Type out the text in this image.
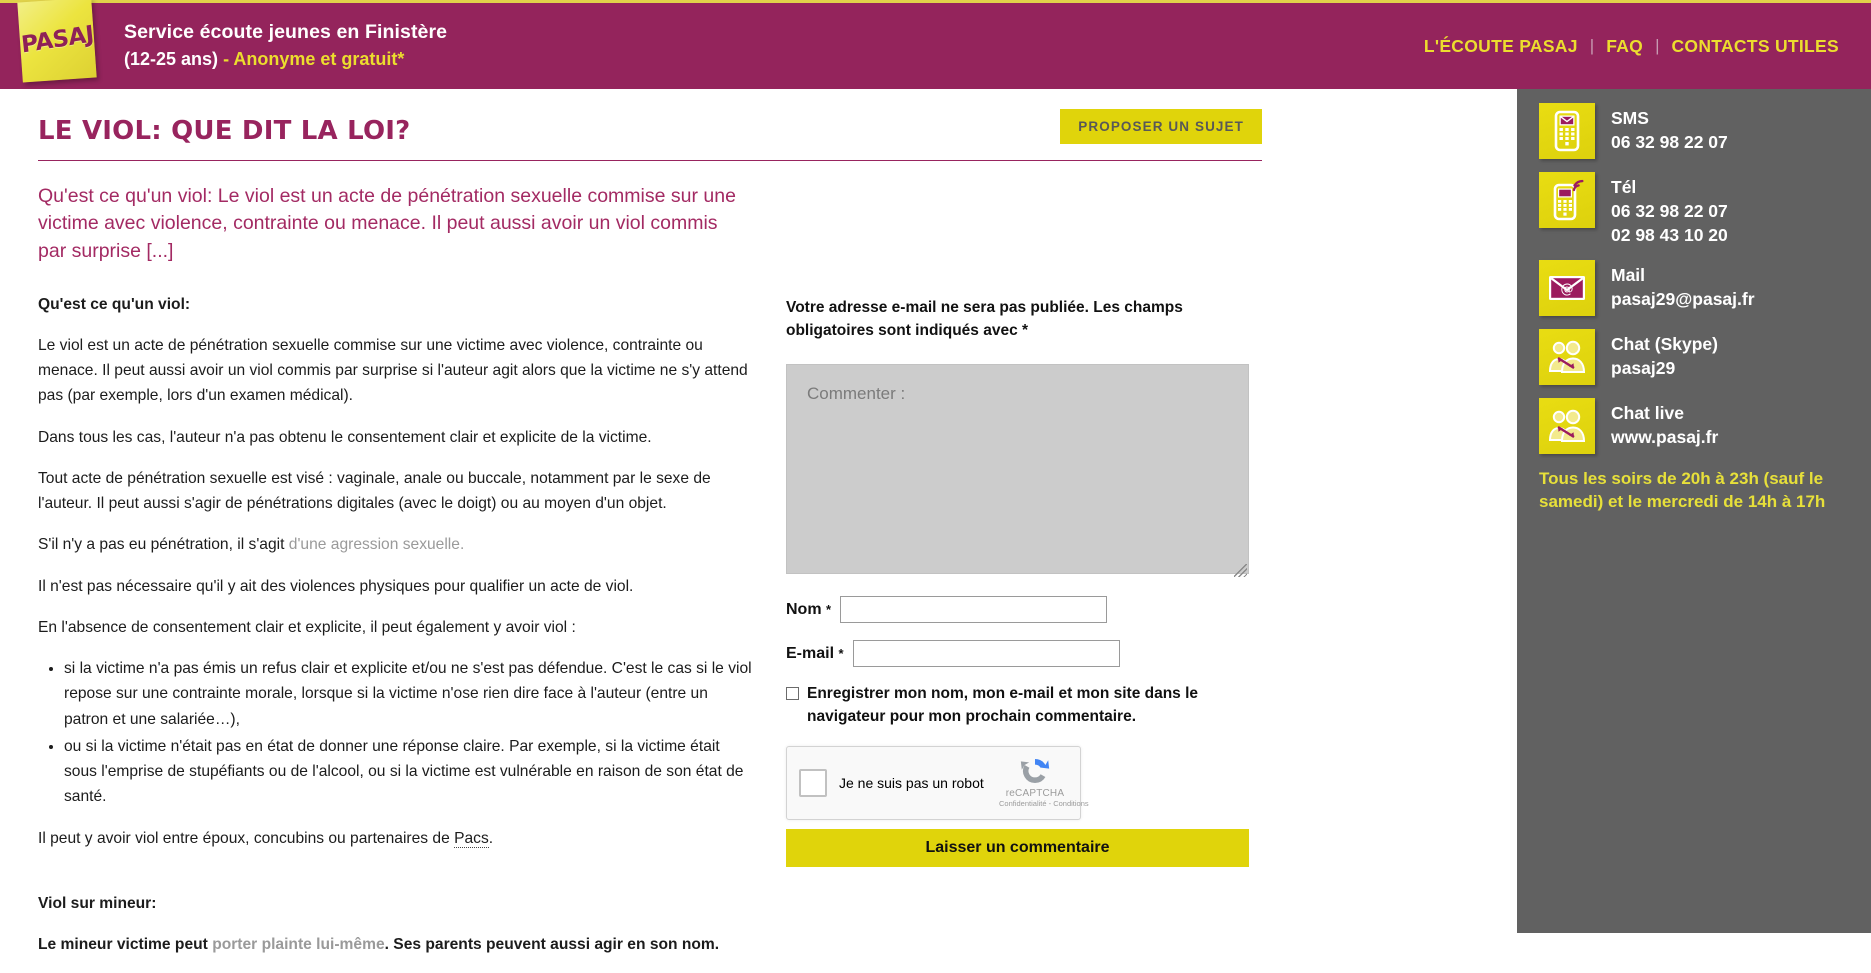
PASAJ Service écoute jeunes en Finistère
(12-25 ans) - Anonyme et gratuit*
L'ÉCOUTE PASAJ | FAQ | CONTACTS UTILES
LE VIOL: QUE DIT LA LOI?	PROPOSER UN SUJET

Qu'est ce qu'un viol: Le viol est un acte de pénétration sexuelle commise sur une victime avec violence, contrainte ou menace. Il peut aussi avoir un viol commis par surprise [...]

Qu'est ce qu'un viol:

Le viol est un acte de pénétration sexuelle commise sur une victime avec violence, contrainte ou menace. Il peut aussi avoir un viol commis par surprise si l'auteur agit alors que la victime ne s'y attend pas (par exemple, lors d'un examen médical).

Dans tous les cas, l'auteur n'a pas obtenu le consentement clair et explicite de la victime.

Tout acte de pénétration sexuelle est visé : vaginale, anale ou buccale, notamment par le sexe de l'auteur. Il peut aussi s'agir de pénétrations digitales (avec le doigt) ou au moyen d'un objet.

S'il n'y a pas eu pénétration, il s'agit d'une agression sexuelle.

Il n'est pas nécessaire qu'il y ait des violences physiques pour qualifier un acte de viol.

En l'absence de consentement clair et explicite, il peut également y avoir viol :

• si la victime n'a pas émis un refus clair et explicite et/ou ne s'est pas défendue. C'est le cas si le viol repose sur une contrainte morale, lorsque si la victime n'ose rien dire face à l'auteur (entre un patron et une salariée…),
• ou si la victime n'était pas en état de donner une réponse claire. Par exemple, si la victime était sous l'emprise de stupéfiants ou de l'alcool, ou si la victime est vulnérable en raison de son état de santé.

Il peut y avoir viol entre époux, concubins ou partenaires de Pacs.

Viol sur mineur:

Le mineur victime peut porter plainte lui-même. Ses parents peuvent aussi agir en son nom.

Votre adresse e-mail ne sera pas publiée. Les champs obligatoires sont indiqués avec *

Commenter :
Nom *
E-mail *
Enregistrer mon nom, mon e-mail et mon site dans le navigateur pour mon prochain commentaire.
Je ne suis pas un robot
reCAPTCHA
Confidentialité - Conditions
Laisser un commentaire
SMS
06 32 98 22 07
Tél
06 32 98 22 07
02 98 43 10 20
@
Mail
pasaj29@pasaj.fr
Chat (Skype)
pasaj29
Chat live
www.pasaj.fr
Tous les soirs de 20h à 23h (sauf le samedi) et le mercredi de 14h à 17h
